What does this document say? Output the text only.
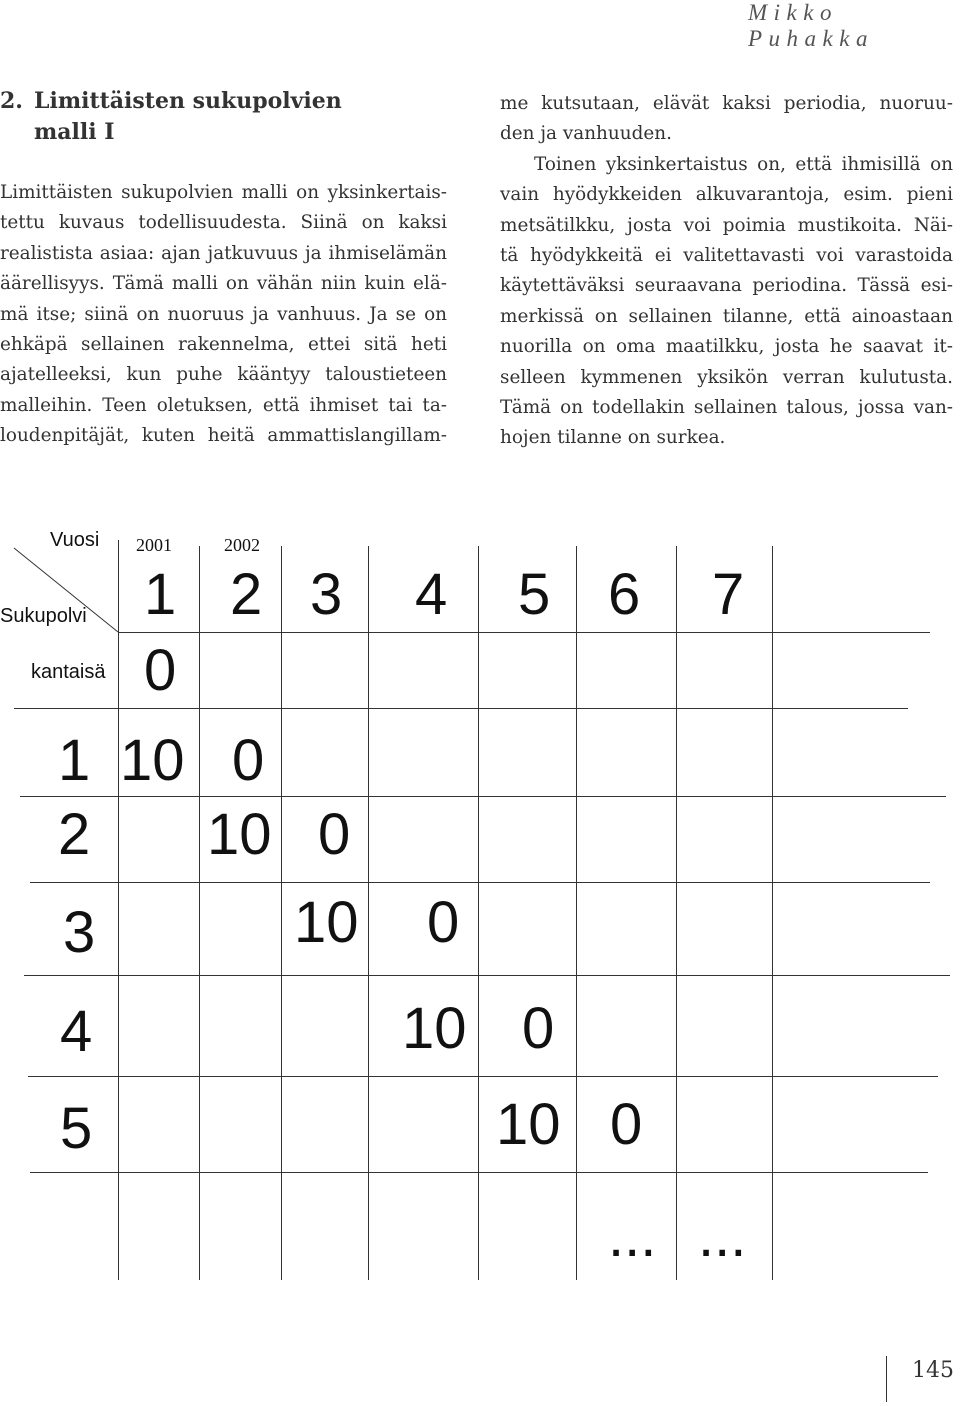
Mikko Puhakka
2. Limittäisten sukupolvien
malli I
Limittäisten sukupolvien malli on yksinkertais-
tettu kuvaus todellisuudesta. Siinä on kaksi
realistista asiaa: ajan jatkuvuus ja ihmiselämän
äärellisyys. Tämä malli on vähän niin kuin elä-
mä itse; siinä on nuoruus ja vanhuus. Ja se on
ehkäpä sellainen rakennelma, ettei sitä heti
ajatelleeksi, kun puhe kääntyy taloustieteen
malleihin. Teen oletuksen, että ihmiset tai ta-
loudenpitäjät, kuten heitä ammattislangillam-
me kutsutaan, elävät kaksi periodia, nuoruu-
den ja vanhuuden.
Toinen yksinkertaistus on, että ihmisillä on
vain hyödykkeiden alkuvarantoja, esim. pieni
metsätilkku, josta voi poimia mustikoita. Näi-
tä hyödykkeitä ei valitettavasti voi varastoida
käytettäväksi seuraavana periodina. Tässä esi-
merkissä on sellainen tilanne, että ainoastaan
nuorilla on oma maatilkku, josta he saavat it-
selleen kymmenen yksikön verran kulutusta.
Tämä on todellakin sellainen talous, jossa van-
hojen tilanne on surkea.
Vuosi
Sukupolvi
2001	2002
1 2 3 4 5 6 7
kantaisä
1
2
3
4
5
0
10 0
10 0
10 0
10 0
10 0
... ...
145
